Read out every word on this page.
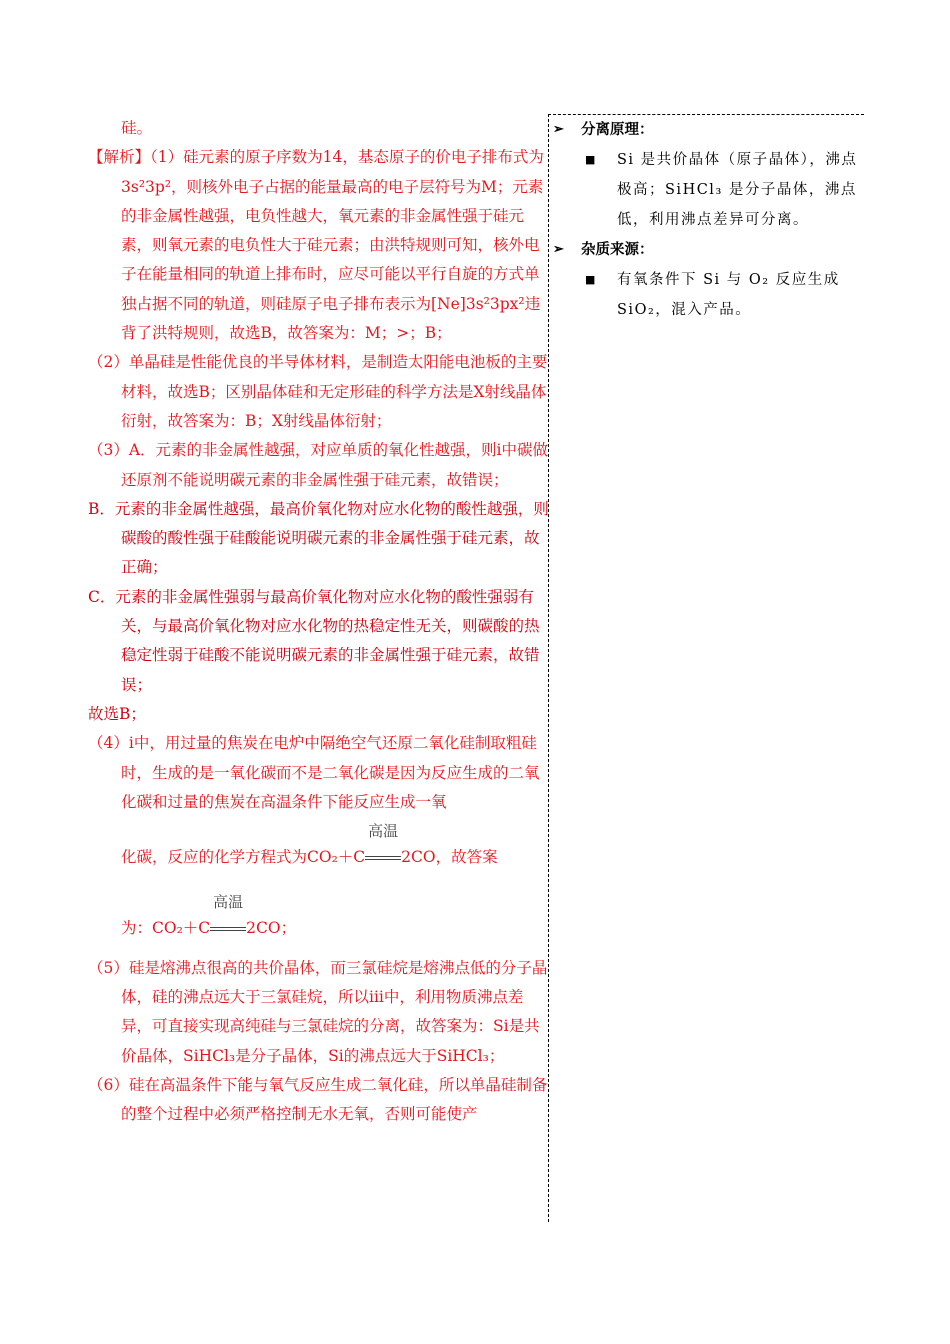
硅。

【解析】（1）硅元素的原子序数为14，基态原子的价电子排布式为3s²3p²，则核外电子占据的能量最高的电子层符号为M；元素的非金属性越强，电负性越大，氧元素的非金属性强于硅元素，则氧元素的电负性大于硅元素；由洪特规则可知，核外电子在能量相同的轨道上排布时，应尽可能以平行自旋的方式单独占据不同的轨道，则硅原子电子排布表示为[Ne]3s²3px²违背了洪特规则，故选B，故答案为：M；>；B；

（2）单晶硅是性能优良的半导体材料，是制造太阳能电池板的主要材料，故选B；区别晶体硅和无定形硅的科学方法是X射线晶体衍射，故答案为：B；X射线晶体衍射；

（3）A．元素的非金属性越强，对应单质的氧化性越强，则ⅰ中碳做还原剂不能说明碳元素的非金属性强于硅元素，故错误；

B．元素的非金属性越强，最高价氧化物对应水化物的酸性越强，则碳酸的酸性强于硅酸能说明碳元素的非金属性强于硅元素，故正确；

C．元素的非金属性强弱与最高价氧化物对应水化物的酸性强弱有关，与最高价氧化物对应水化物的热稳定性无关，则碳酸的热稳定性弱于硅酸不能说明碳元素的非金属性强于硅元素，故错误；

故选B；

（4）ⅰ中，用过量的焦炭在电炉中隔绝空气还原二氧化硅制取粗硅时，生成的是一氧化碳而不是二氧化碳是因为反应生成的二氧化碳和过量的焦炭在高温条件下能反应生成一氧

化碳，反应的化学方程式为CO₂＋C
高温
2CO，故答案

为：CO₂＋C
高温
2CO；

（5）硅是熔沸点很高的共价晶体，而三氯硅烷是熔沸点低的分子晶体，硅的沸点远大于三氯硅烷，所以ⅲ中，利用物质沸点差异，可直接实现高纯硅与三氯硅烷的分离，故答案为：Si是共价晶体，SiHCl₃是分子晶体，Si的沸点远大于SiHCl₃；

（6）硅在高温条件下能与氧气反应生成二氧化硅，所以单晶硅制备的整个过程中必须严格控制无水无氧，否则可能使产

➢	分离原理：
■ Si 是共价晶体（原子晶体），沸点极高；SiHCl₃ 是分子晶体，沸点低，利用沸点差异可分离。
➢	杂质来源：
■ 有氧条件下 Si 与 O₂ 反应生成 SiO₂，混入产品。
